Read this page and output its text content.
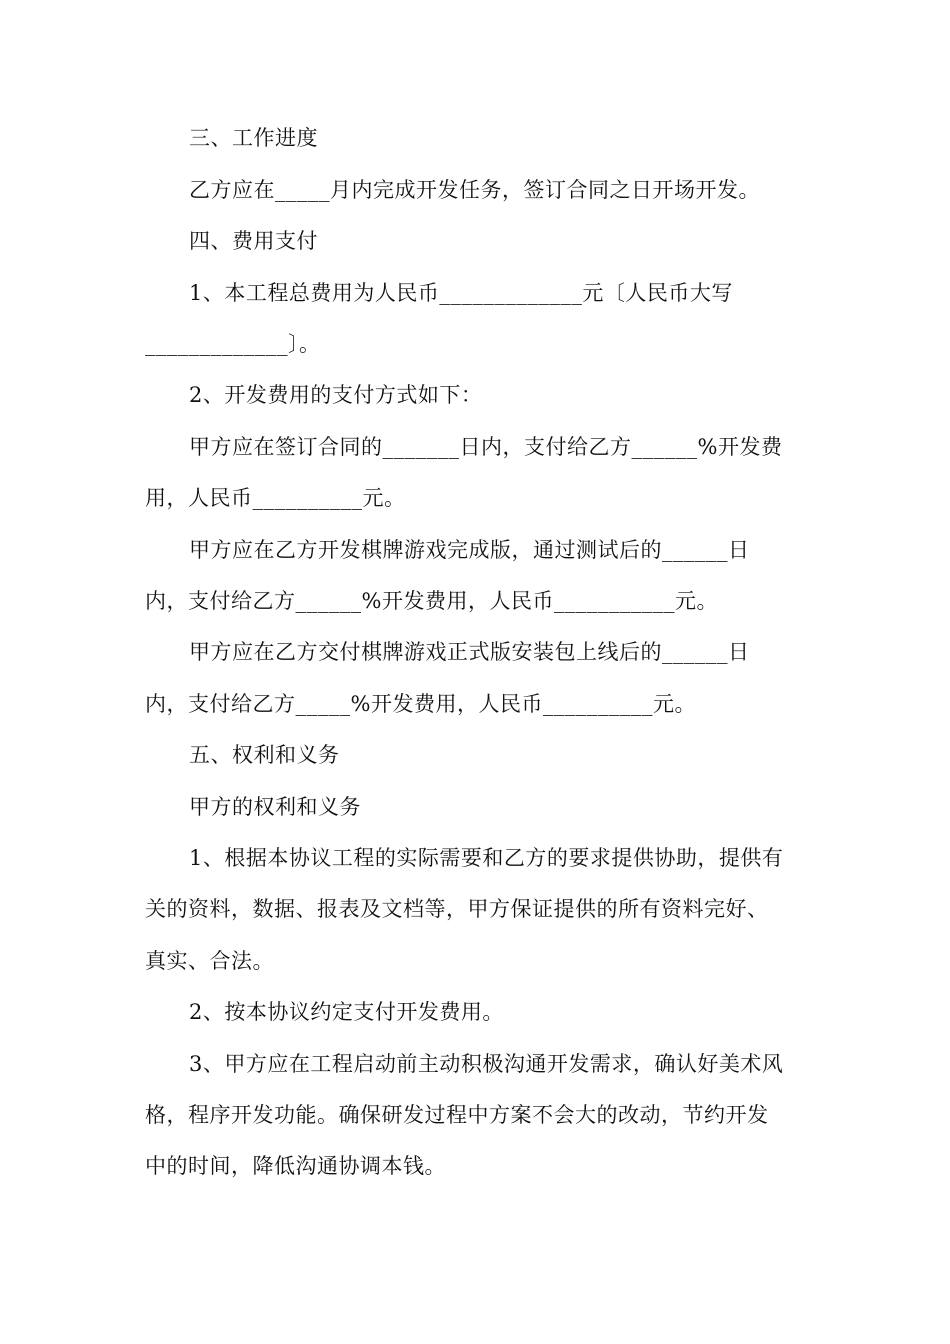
三、工作进度
乙方应在_____月内完成开发任务，签订合同之日开场开发。
四、费用支付
1、本工程总费用为人民币_____________元〔人民币大写
_____________〕。
2、开发费用的支付方式如下：
甲方应在签订合同的_______日内，支付给乙方______%开发费
用，人民币__________元。
甲方应在乙方开发棋牌游戏完成版，通过测试后的______日
内，支付给乙方______%开发费用，人民币___________元。
甲方应在乙方交付棋牌游戏正式版安装包上线后的______日
内，支付给乙方_____%开发费用，人民币__________元。
五、权利和义务
甲方的权利和义务
1、根据本协议工程的实际需要和乙方的要求提供协助，提供有
关的资料，数据、报表及文档等，甲方保证提供的所有资料完好、
真实、合法。
2、按本协议约定支付开发费用。
3、甲方应在工程启动前主动积极沟通开发需求，确认好美术风
格，程序开发功能。确保研发过程中方案不会大的改动，节约开发
中的时间，降低沟通协调本钱。
